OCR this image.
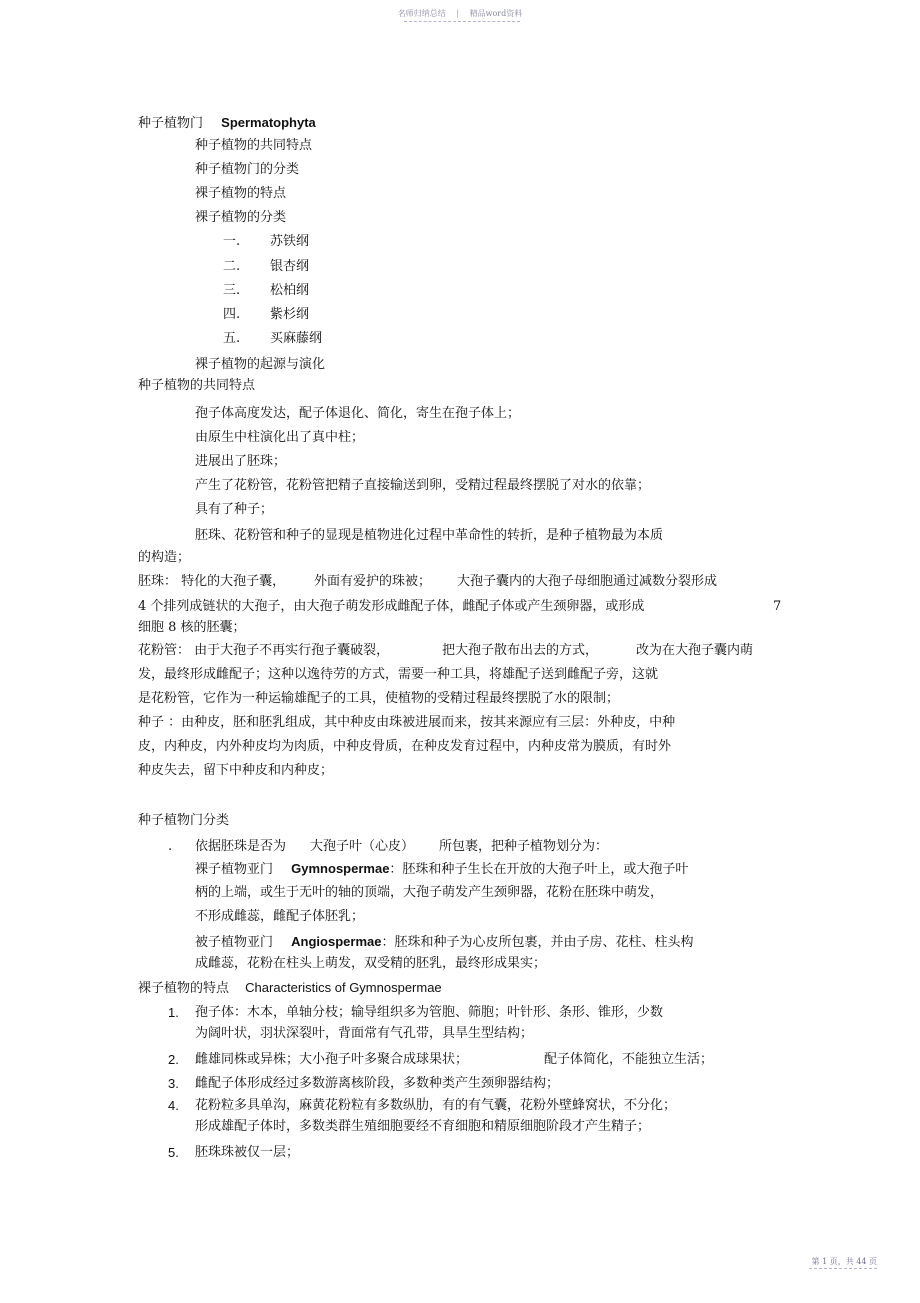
名师归纳总结 | 精品word资料
种子植物门 Spermatophyta
种子植物的共同特点
种子植物门的分类
裸子植物的特点
裸子植物的分类
一. 苏铁纲
二. 银杏纲
三. 松柏纲
四. 紫杉纲
五. 买麻藤纲
裸子植物的起源与演化
种子植物的共同特点
孢子体高度发达，配子体退化、简化，寄生在孢子体上；
由原生中柱演化出了真中柱；
进展出了胚珠；
产生了花粉管，花粉管把精子直接输送到卵，受精过程最终摆脱了对水的依靠；
具有了种子；
胚珠、花粉管和种子的显现是植物进化过程中革命性的转折，是种子植物最为本质
的构造；
胚珠： 特化的大孢子囊， 外面有爱护的珠被； 大孢子囊内的大孢子母细胞通过减数分裂形成
4 个排列成链状的大孢子，由大孢子萌发形成雌配子体，雌配子体或产生颈卵器，或形成	7
细胞 8 核的胚囊；
花粉管： 由于大孢子不再实行孢子囊破裂，	把大孢子散布出去的方式，	改为在大孢子囊内萌
发，最终形成雌配子；这种以逸待劳的方式，需要一种工具，将雄配子送到雌配子旁，这就
是花粉管，它作为一种运输雄配子的工具，使植物的受精过程最终摆脱了水的限制；
种子 ：由种皮，胚和胚乳组成，其中种皮由珠被进展而来，按其来源应有三层：外种皮，中种
皮，内种皮，内外种皮均为肉质，中种皮骨质，在种皮发育过程中，内种皮常为膜质，有时外
种皮失去，留下中种皮和内种皮；
种子植物门分类
. 依据胚珠是否为 大孢子叶（心皮） 所包裹，把种子植物划分为：
裸子植物亚门 Gymnospermae：胚珠和种子生长在开放的大孢子叶上，或大孢子叶
柄的上端，或生于无叶的轴的顶端，大孢子萌发产生颈卵器，花粉在胚珠中萌发，
不形成雌蕊，雌配子体胚乳；
被子植物亚门 Angiospermae：胚珠和种子为心皮所包裹，并由子房、花柱、柱头构
成雌蕊，花粉在柱头上萌发，双受精的胚乳，最终形成果实；
裸子植物的特点 Characteristics of Gymnospermae
1. 孢子体：木本，单轴分枝；输导组织多为管胞、筛胞；叶针形、条形、锥形，少数
为阔叶状，羽状深裂叶，背面常有气孔带，具旱生型结构；
2. 雌雄同株或异株；大小孢子叶多聚合成球果状；	配子体简化，不能独立生活；
3. 雌配子体形成经过多数游离核阶段，多数种类产生颈卵器结构；
4. 花粉粒多具单沟，麻黄花粉粒有多数纵肋，有的有气囊，花粉外壁蜂窝状，不分化；
形成雄配子体时，多数类群生殖细胞要经不育细胞和精原细胞阶段才产生精子；
5. 胚珠珠被仅一层；
第 1 页，共 44 页
